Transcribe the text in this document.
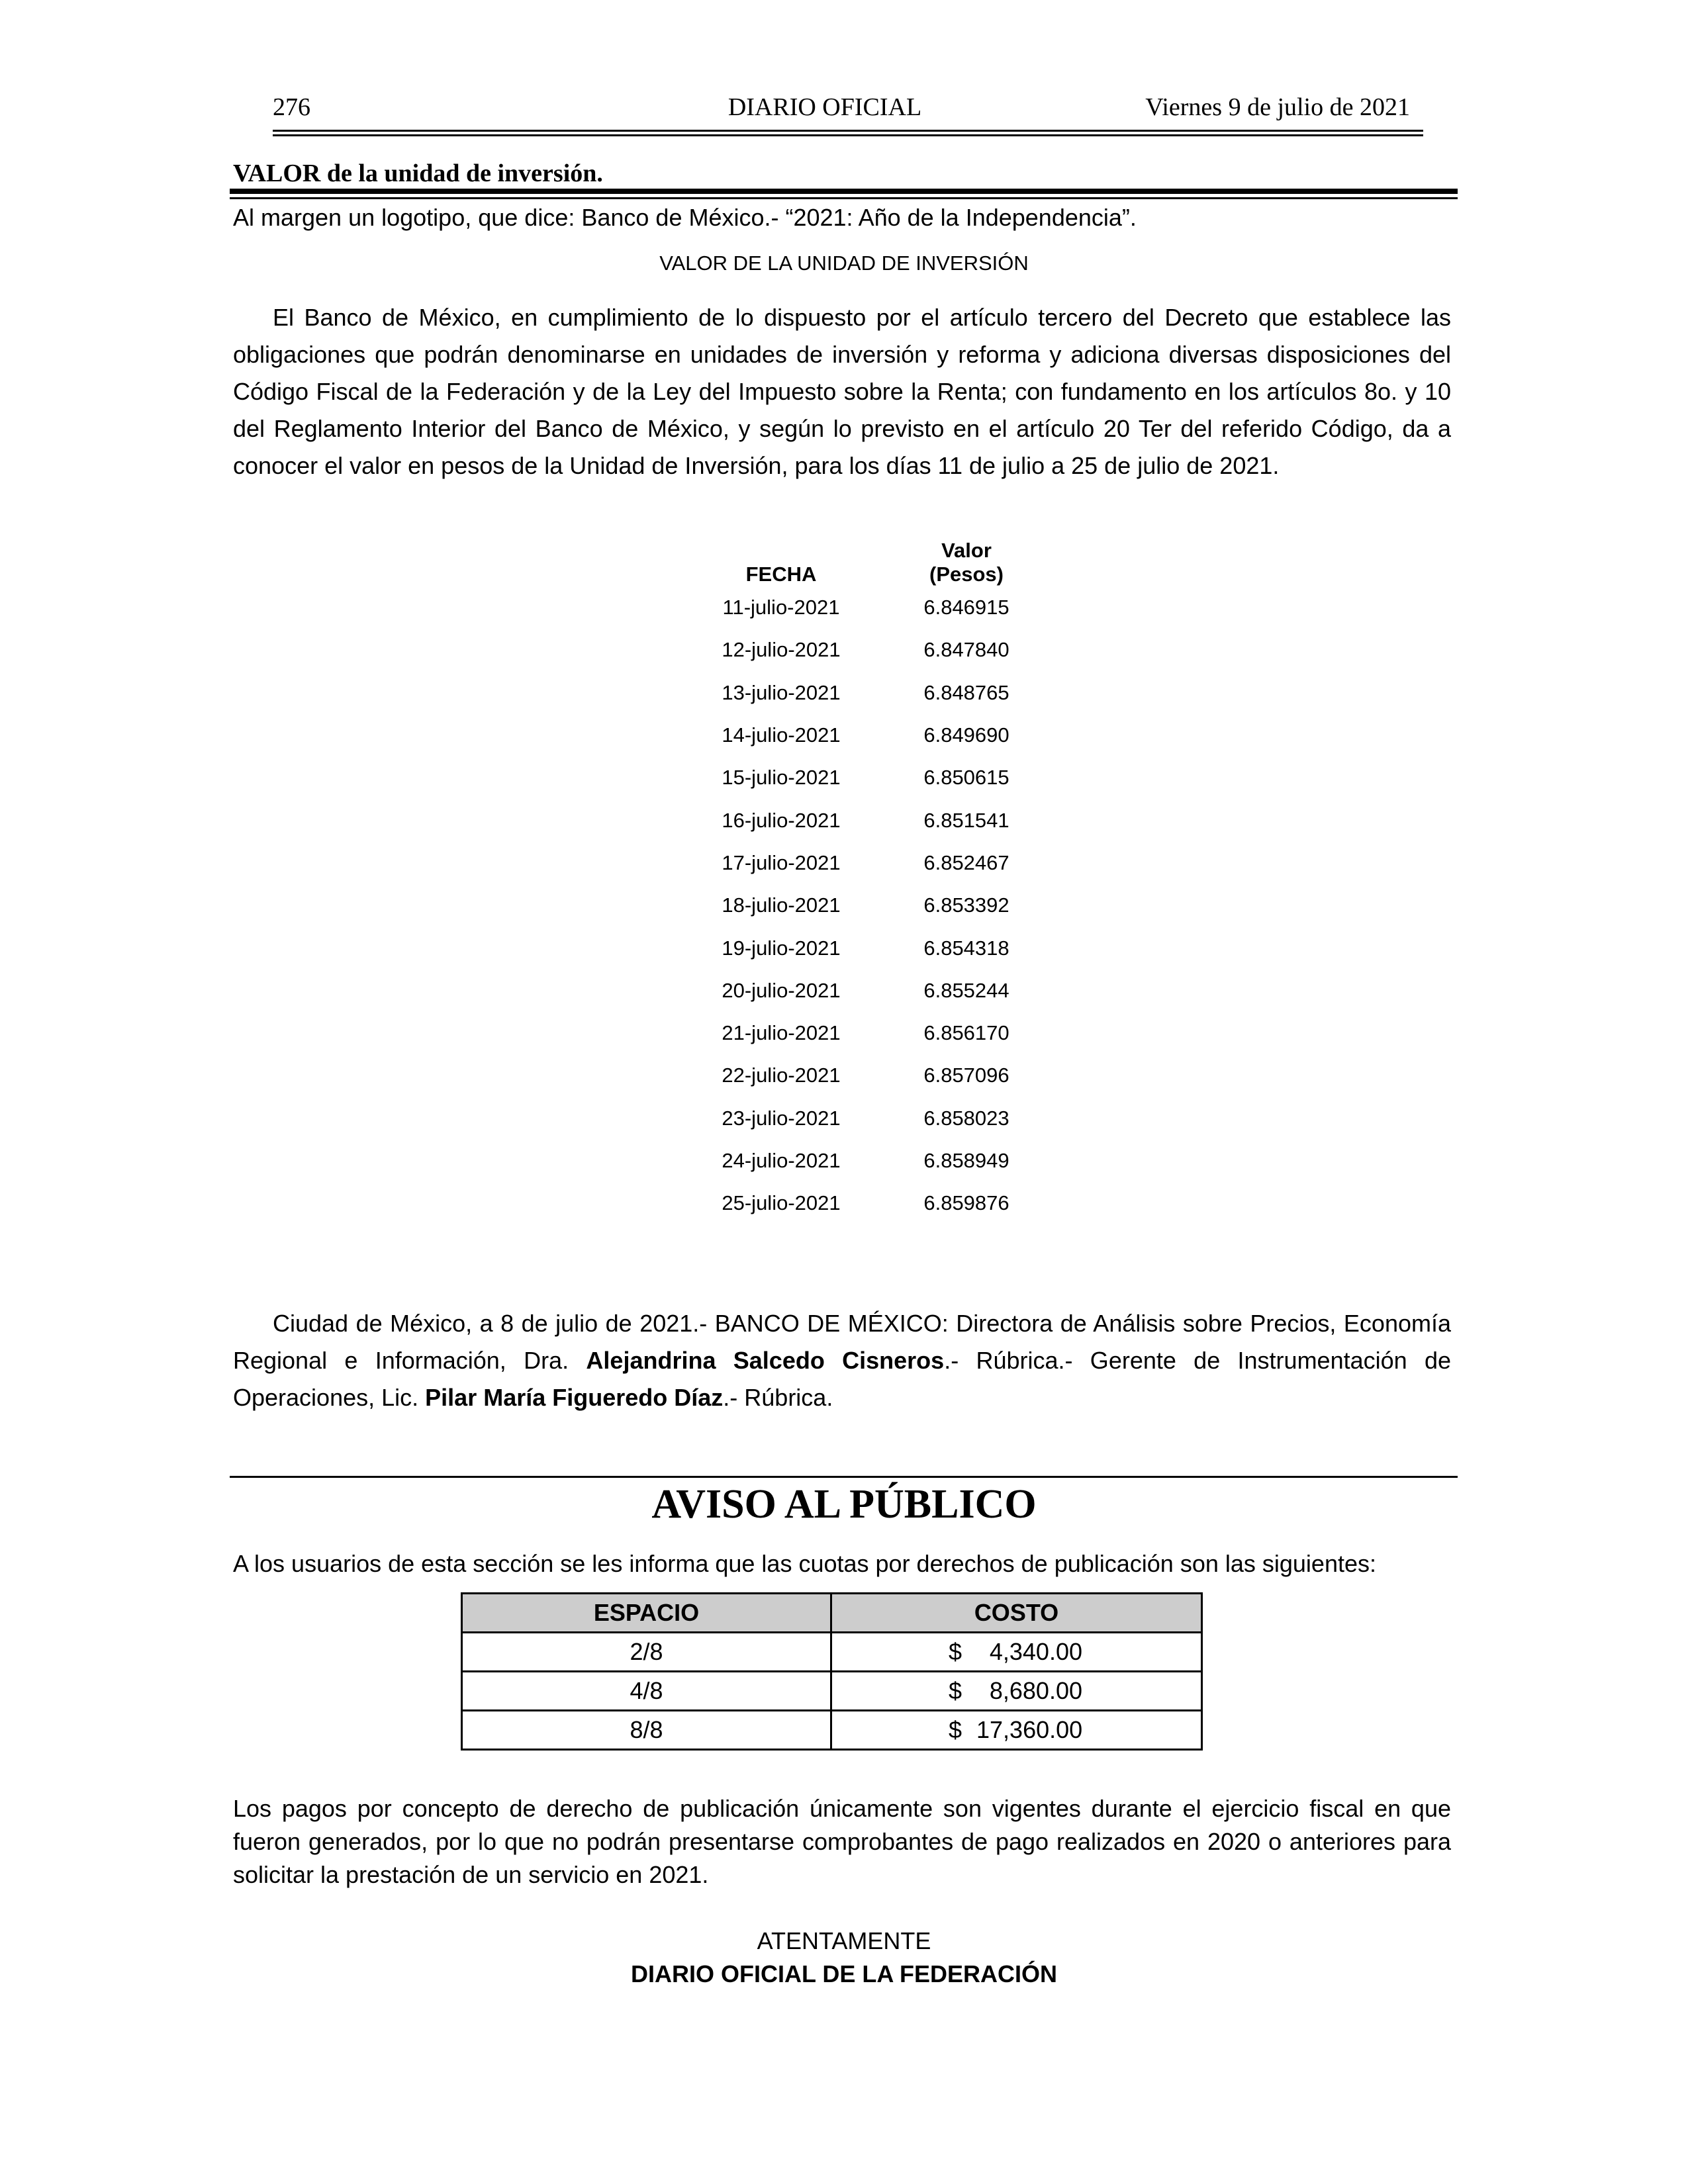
276	DIARIO OFICIAL	Viernes 9 de julio de 2021
VALOR de la unidad de inversión.
Al margen un logotipo, que dice: Banco de México.- “2021: Año de la Independencia”.
VALOR DE LA UNIDAD DE INVERSIÓN

El Banco de México, en cumplimiento de lo dispuesto por el artículo tercero del Decreto que establece las obligaciones que podrán denominarse en unidades de inversión y reforma y adiciona diversas disposiciones del Código Fiscal de la Federación y de la Ley del Impuesto sobre la Renta; con fundamento en los artículos 8o. y 10 del Reglamento Interior del Banco de México, y según lo previsto en el artículo 20 Ter del referido Código, da a conocer el valor en pesos de la Unidad de Inversión, para los días 11 de julio a 25 de julio de 2021.

FECHA	Valor
(Pesos)
11-julio-2021	6.846915
12-julio-2021	6.847840
13-julio-2021	6.848765
14-julio-2021	6.849690
15-julio-2021	6.850615
16-julio-2021	6.851541
17-julio-2021	6.852467
18-julio-2021	6.853392
19-julio-2021	6.854318
20-julio-2021	6.855244
21-julio-2021	6.856170
22-julio-2021	6.857096
23-julio-2021	6.858023
24-julio-2021	6.858949
25-julio-2021	6.859876

Ciudad de México, a 8 de julio de 2021.- BANCO DE MÉXICO: Directora de Análisis sobre Precios, Economía Regional e Información, Dra. Alejandrina Salcedo Cisneros.- Rúbrica.- Gerente de Instrumentación de Operaciones, Lic. Pilar María Figueredo Díaz.- Rúbrica.

AVISO AL PÚBLICO
A los usuarios de esta sección se les informa que las cuotas por derechos de publicación son las siguientes:
ESPACIO	COSTO
2/8	$ 4,340.00
4/8	$ 8,680.00
8/8	$ 17,360.00

Los pagos por concepto de derecho de publicación únicamente son vigentes durante el ejercicio fiscal en que fueron generados, por lo que no podrán presentarse comprobantes de pago realizados en 2020 o anteriores para solicitar la prestación de un servicio en 2021.

ATENTAMENTE
DIARIO OFICIAL DE LA FEDERACIÓN
